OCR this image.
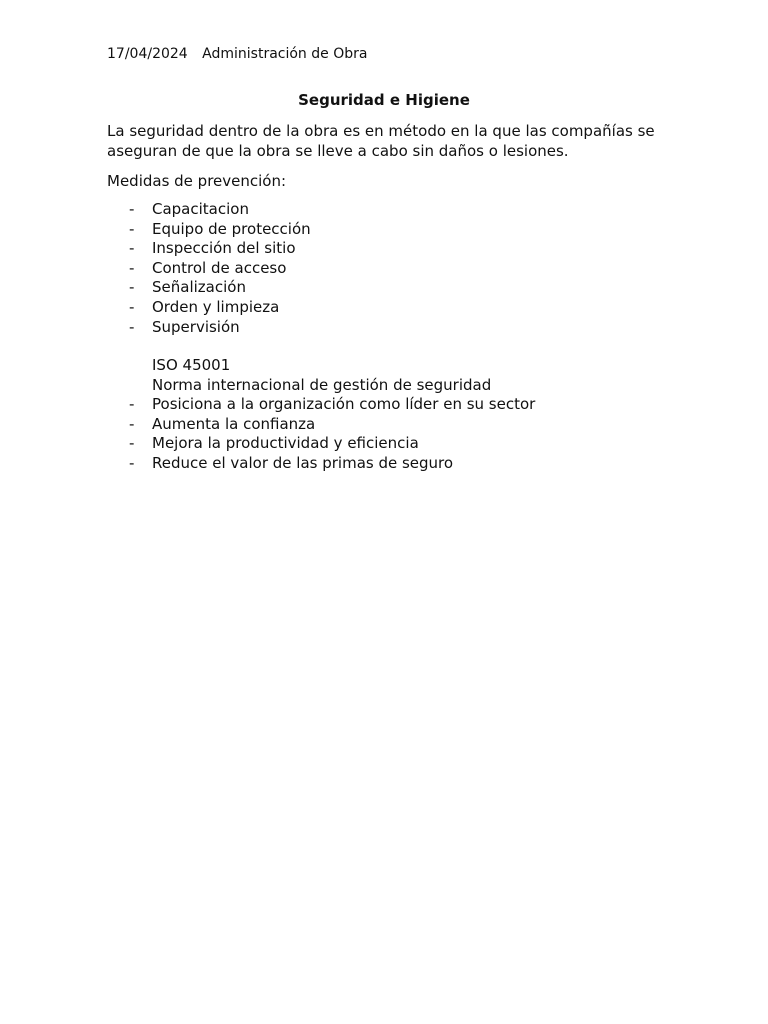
17/04/2024 Administración de Obra
Seguridad e Higiene
La seguridad dentro de la obra es en método en la que las compañías se aseguran de que la obra se lleve a cabo sin daños o lesiones.
Medidas de prevención:
- Capacitacion
- Equipo de protección
- Inspección del sitio
- Control de acceso
- Señalización
- Orden y limpieza
- Supervisión
ISO 45001
Norma internacional de gestión de seguridad
- Posiciona a la organización como líder en su sector
- Aumenta la confianza
- Mejora la productividad y eficiencia
- Reduce el valor de las primas de seguro
